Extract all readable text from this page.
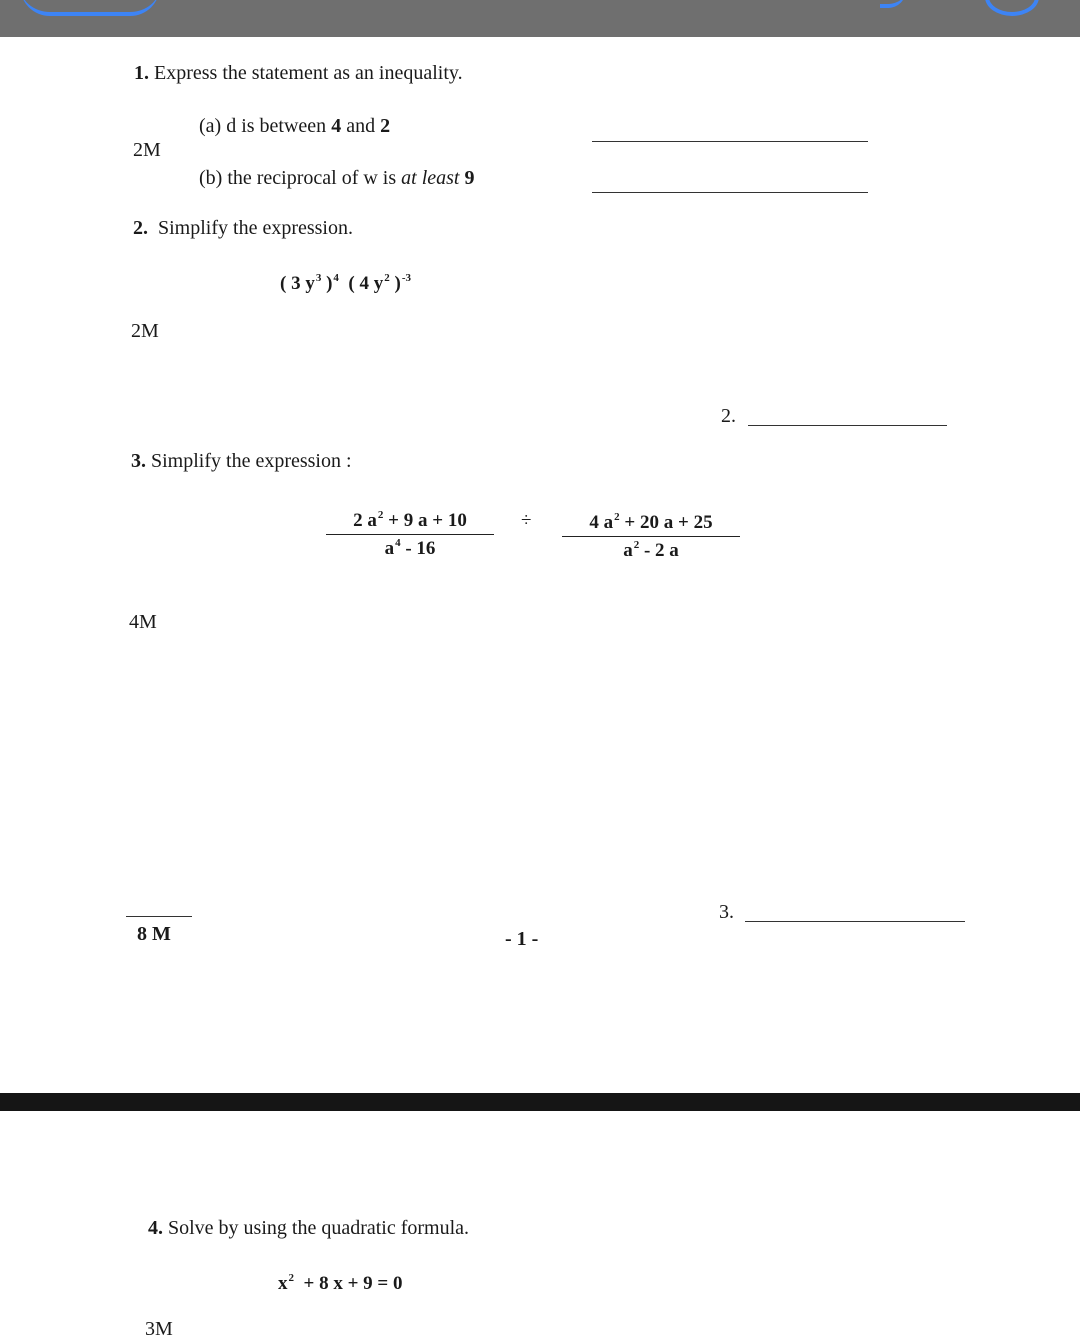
1. Express the statement as an inequality.
(a) d is between 4 and 2
2M
(b) the reciprocal of w is at least 9
2. Simplify the expression.
( 3 $y^3$ )$^4$ ( 4 $y^2$ )$^{-3}$
2M
2.
3. Simplify the expression :
$\frac{2 a^2 + 9 a + 10}{a^4 - 16} \div \frac{4 a^2 + 20 a + 25}{a^2 - 2 a}$
4M
3.
8 M	- 1 -
4. Solve by using the quadratic formula.
$x^2 + 8$ x + 9 = 0
3M
